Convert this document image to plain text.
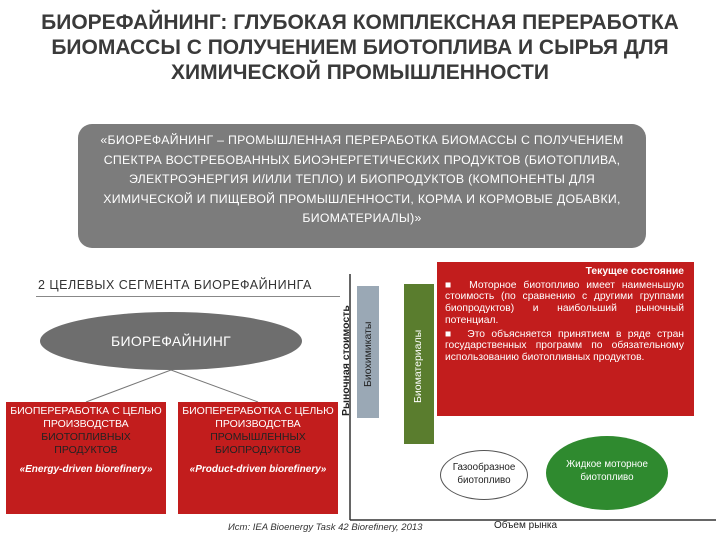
БИОРЕФАЙНИНГ: ГЛУБОКАЯ КОМПЛЕКСНАЯ ПЕРЕРАБОТКА БИОМАССЫ С ПОЛУЧЕНИЕМ БИОТОПЛИВА И СЫРЬЯ ДЛЯ ХИМИЧЕСКОЙ ПРОМЫШЛЕННОСТИ
«БИОРЕФАЙНИНГ – ПРОМЫШЛЕННАЯ ПЕРЕРАБОТКА БИОМАССЫ С ПОЛУЧЕНИЕМ СПЕКТРА ВОСТРЕБОВАННЫХ БИОЭНЕРГЕТИЧЕСКИХ ПРОДУКТОВ (БИОТОПЛИВА, ЭЛЕКТРОЭНЕРГИЯ И/ИЛИ ТЕПЛО) И БИОПРОДУКТОВ (КОМПОНЕНТЫ ДЛЯ ХИМИЧЕСКОЙ И ПИЩЕВОЙ ПРОМЫШЛЕННОСТИ, КОРМА И КОРМОВЫЕ ДОБАВКИ, БИОМАТЕРИАЛЫ)»
2 ЦЕЛЕВЫХ СЕГМЕНТА БИОРЕФАЙНИНГА
БИОРЕФАЙНИНГ
БИОПЕРЕРАБОТКА С ЦЕЛЬЮ ПРОИЗВОДСТВА
БИОТОПЛИВНЫХ ПРОДУКТОВ
«Energy-driven biorefinery»
БИОПЕРЕРАБОТКА С ЦЕЛЬЮ ПРОИЗВОДСТВА
ПРОМЫШЛЕННЫХ БИОПРОДУКТОВ
«Product-driven biorefinery»
Рыночная стоимость Биохимикаты	Биоматериалы
Текущее состояние
■  Моторное биотопливо имеет наименьшую стоимость (по сравнению с другими группами биопродуктов) и наибольший рыночный потенциал.
■  Это объясняется принятием в ряде стран государственных программ по обязательному использованию биотопливных продуктов.
Газообразное биотопливо
Жидкое моторное биотопливо
Ист: IEA Bioenergy Task 42 Biorefinery, 2013	Объем рынка
